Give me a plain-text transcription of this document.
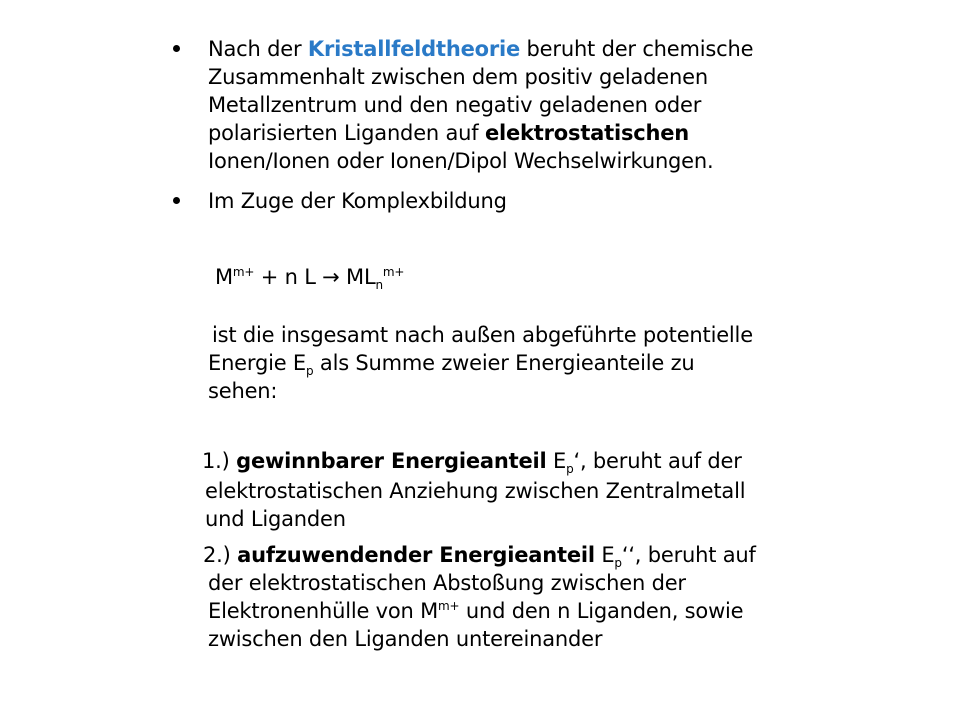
Nach der Kristallfeldtheorie beruht der chemische
Zusammenhalt zwischen dem positiv geladenen
Metallzentrum und den negativ geladenen oder
polarisierten Liganden auf elektrostatischen
Ionen/Ionen oder Ionen/Dipol Wechselwirkungen.
Im Zuge der Komplexbildung
$M^{m+} + n$ $L \to ML_n^{m+}$
ist die insgesamt nach außen abgeführte potentielle
Energie $E_p$ als Summe zweier Energieanteile zu
sehen:
1.) gewinnbarer Energieanteil $E_p‘$, beruht auf der
elektrostatischen Anziehung zwischen Zentralmetall
und Liganden
2.) aufzuwendender Energieanteil $E_p‘‘$, beruht auf
der elektrostatischen Abstoßung zwischen der
Elektronenhülle von $M^{m+}$ und den n Liganden, sowie
zwischen den Liganden untereinander
